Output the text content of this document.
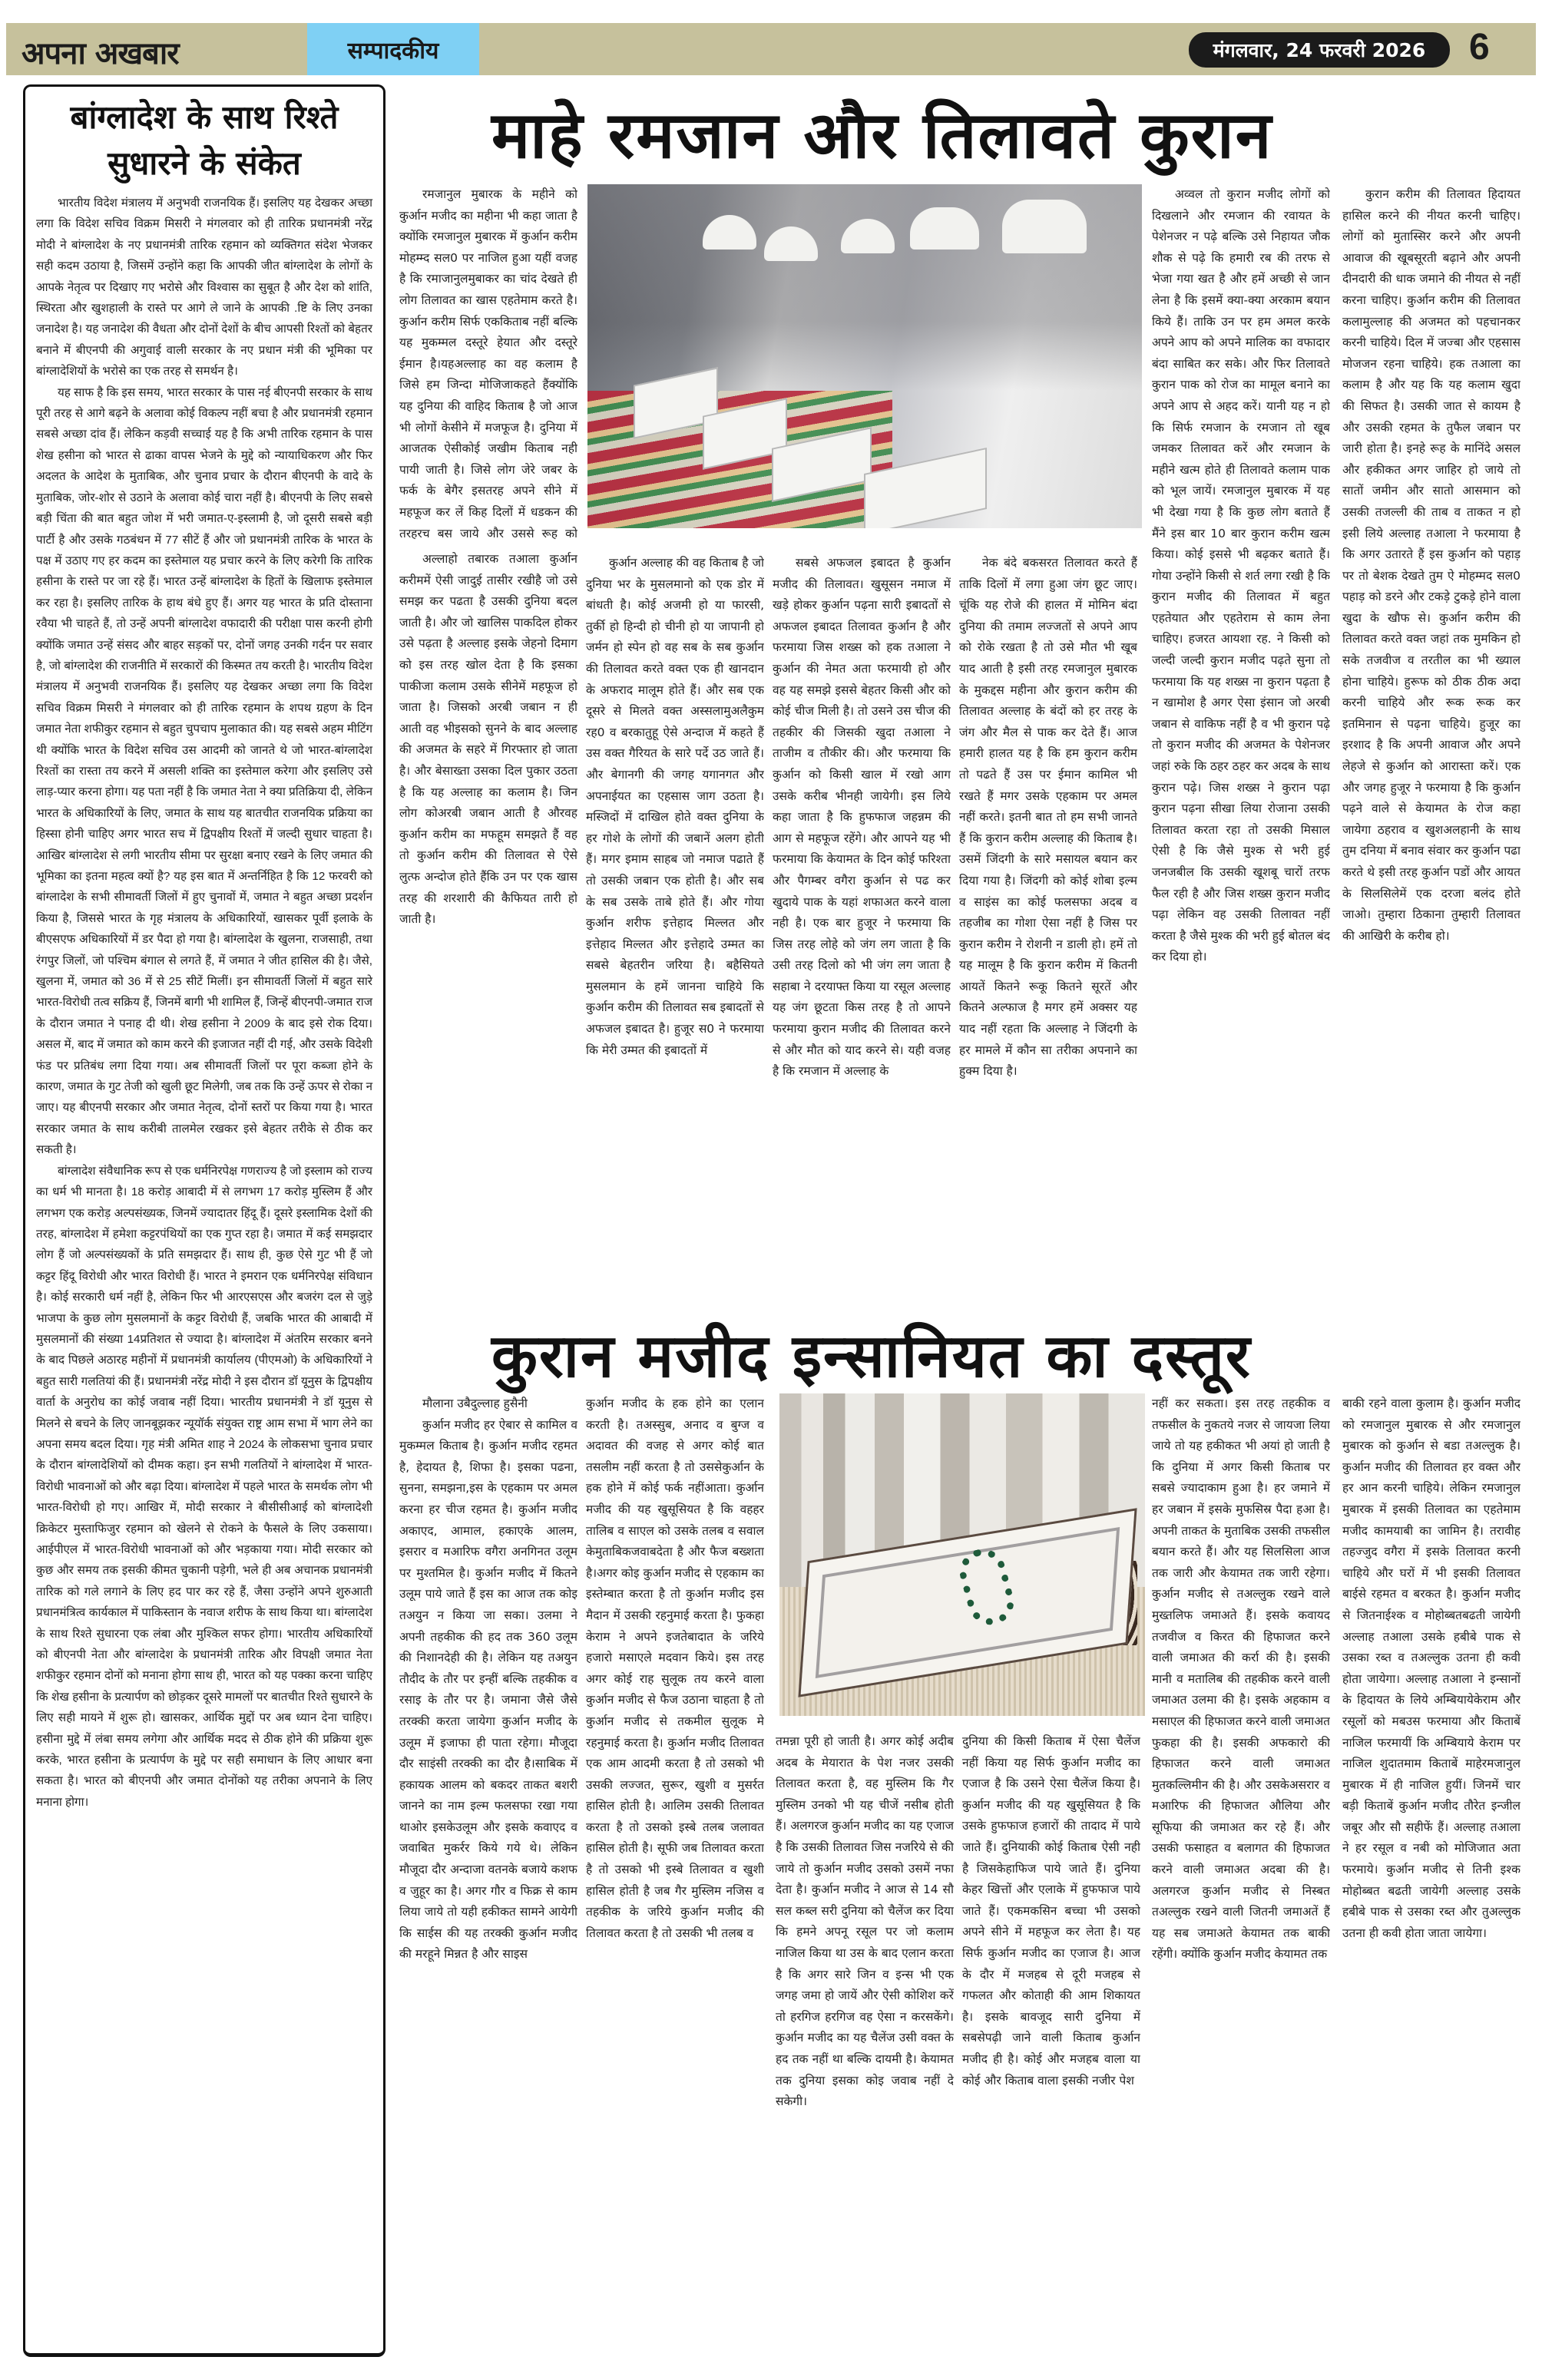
अपना अखबार	सम्पादकीय	मंगलवार, 24 फरवरी 2026	6
बांग्लादेश के साथ रिश्ते सुधारने के संकेत

भारतीय विदेश मंत्रालय में अनुभवी राजनयिक हैं। इसलिए यह देखकर अच्छा लगा कि विदेश सचिव विक्रम मिसरी ने मंगलवार को ही तारिक प्रधानमंत्री नरेंद्र मोदी ने बांग्लादेश के नए प्रधानमंत्री तारिक रहमान को व्यक्तिगत संदेश भेजकर सही कदम उठाया है, जिसमें उन्होंने कहा कि आपकी जीत बांग्लादेश के लोगों के आपके नेतृत्व पर दिखाए गए भरोसे और विश्वास का सुबूत है और देश को शांति, स्थिरता और खुशहाली के रास्ते पर आगे ले जाने के आपकी .ष्टि के लिए उनका जनादेश है। यह जनादेश की वैधता और दोनों देशों के बीच आपसी रिश्तों को बेहतर बनाने में बीएनपी की अगुवाई वाली सरकार के नए प्रधान मंत्री की भूमिका पर बांग्लादेशियों के भरोसे का एक तरह से समर्थन है।

यह साफ है कि इस समय, भारत सरकार के पास नई बीएनपी सरकार के साथ पूरी तरह से आगे बढ़ने के अलावा कोई विकल्प नहीं बचा है और प्रधानमंत्री रहमान सबसे अच्छा दांव हैं। लेकिन कड़वी सच्चाई यह है कि अभी तारिक रहमान के पास शेख हसीना को भारत से ढाका वापस भेजने के मुद्दे को न्यायाधिकरण और फिर अदलत के आदेश के मुताबिक, और चुनाव प्रचार के दौरान बीएनपी के वादे के मुताबिक, जोर-शोर से उठाने के अलावा कोई चारा नहीं है। बीएनपी के लिए सबसे बड़ी चिंता की बात बहुत जोश में भरी जमात-ए-इस्लामी है, जो दूसरी सबसे बड़ी पार्टी है और उसके गठबंधन में 77 सीटें हैं और जो प्रधानमंत्री तारिक के भारत के पक्ष में उठाए गए हर कदम का इस्तेमाल यह प्रचार करने के लिए करेगी कि तारिक हसीना के रास्ते पर जा रहे हैं। भारत उन्हें बांग्लादेश के हितों के खिलाफ इस्तेमाल कर रहा है। इसलिए तारिक के हाथ बंधे हुए हैं। अगर यह भारत के प्रति दोस्ताना रवैया भी चाहते हैं, तो उन्हें अपनी बांग्लादेश वफादारी की परीक्षा पास करनी होगी क्योंकि जमात उन्हें संसद और बाहर सड़कों पर, दोनों जगह उनकी गर्दन पर सवार है, जो बांग्लादेश की राजनीति में सरकारों की किस्मत तय करती है। भारतीय विदेश मंत्रालय में अनुभवी राजनयिक हैं। इसलिए यह देखकर अच्छा लगा कि विदेश सचिव विक्रम मिसरी ने मंगलवार को ही तारिक रहमान के शपथ ग्रहण के दिन जमात नेता शफीकुर रहमान से बहुत चुपचाप मुलाकात की। यह सबसे अहम मीटिंग थी क्योंकि भारत के विदेश सचिव उस आदमी को जानते थे जो भारत-बांग्लादेश रिश्तों का रास्ता तय करने में असली शक्ति का इस्तेमाल करेगा और इसलिए उसे लाड़-प्यार करना होगा। यह पता नहीं है कि जमात नेता ने क्या प्रतिक्रिया दी, लेकिन भारत के अधिकारियों के लिए, जमात के साथ यह बातचीत राजनयिक प्रक्रिया का हिस्सा होनी चाहिए अगर भारत सच में द्विपक्षीय रिश्तों में जल्दी सुधार चाहता है। आखिर बांग्लादेश से लगी भारतीय सीमा पर सुरक्षा बनाए रखने के लिए जमात की भूमिका का इतना महत्व क्यों है? यह इस बात में अन्तर्निहित है कि 12 फरवरी को बांग्लादेश के सभी सीमावर्ती जिलों में हुए चुनावों में, जमात ने बहुत अच्छा प्रदर्शन किया है, जिससे भारत के गृह मंत्रालय के अधिकारियों, खासकर पूर्वी इलाके के बीएसएफ अधिकारियों में डर पैदा हो गया है। बांग्लादेश के खुलना, राजसाही, तथा रंगपुर जिलों, जो पश्चिम बंगाल से लगते हैं, में जमात ने जीत हासिल की है। जैसे, खुलना में, जमात को 36 में से 25 सीटें मिलीं। इन सीमावर्ती जिलों में बहुत सारे भारत-विरोधी तत्व सक्रिय हैं, जिनमें बागी भी शामिल हैं, जिन्हें बीएनपी-जमात राज के दौरान जमात ने पनाह दी थी। शेख हसीना ने 2009 के बाद इसे रोक दिया। असल में, बाद में जमात को काम करने की इजाजत नहीं दी गई, और उसके विदेशी फंड पर प्रतिबंध लगा दिया गया। अब सीमावर्ती जिलों पर पूरा कब्जा होने के कारण, जमात के गुट तेजी को खुली छूट मिलेगी, जब तक कि उन्हें ऊपर से रोका न जाए। यह बीएनपी सरकार और जमात नेतृत्व, दोनों स्तरों पर किया गया है। भारत सरकार जमात के साथ करीबी तालमेल रखकर इसे बेहतर तरीके से ठीक कर सकती है।

बांग्लादेश संवैधानिक रूप से एक धर्मनिरपेक्ष गणराज्य है जो इस्लाम को राज्य का धर्म भी मानता है। 18 करोड़ आबादी में से लगभग 17 करोड़ मुस्लिम हैं और लगभग एक करोड़ अल्पसंख्यक, जिनमें ज्यादातर हिंदू हैं। दूसरे इस्लामिक देशों की तरह, बांग्लादेश में हमेशा कट्टरपंथियों का एक गुप्त रहा है। जमात में कई समझदार लोग हैं जो अल्पसंख्यकों के प्रति समझदार हैं। साथ ही, कुछ ऐसे गुट भी हैं जो कट्टर हिंदू विरोधी और भारत विरोधी हैं। भारत ने इमरान एक धर्मनिरपेक्ष संविधान है। कोई सरकारी धर्म नहीं है, लेकिन फिर भी आरएसएस और बजरंग दल से जुड़े भाजपा के कुछ लोग मुसलमानों के कट्टर विरोधी हैं, जबकि भारत की आबादी में मुसलमानों की संख्या 14प्रतिशत से ज्यादा है। बांग्लादेश में अंतरिम सरकार बनने के बाद पिछले अठारह महीनों में प्रधानमंत्री कार्यालय (पीएमओ) के अधिकारियों ने बहुत सारी गलतियां की हैं। प्रधानमंत्री नरेंद्र मोदी ने इस दौरान डॉ यूनुस के द्विपक्षीय वार्ता के अनुरोध का कोई जवाब नहीं दिया। भारतीय प्रधानमंत्री ने डॉ यूनुस से मिलने से बचने के लिए जानबूझकर न्यूयॉर्क संयुक्त राष्ट्र आम सभा में भाग लेने का अपना समय बदल दिया। गृह मंत्री अमित शाह ने 2024 के लोकसभा चुनाव प्रचार के दौरान बांग्लादेशियों को दीमक कहा। इन सभी गलतियों ने बांग्लादेश में भारत-विरोधी भावनाओं को और बढ़ा दिया। बांग्लादेश में पहले भारत के समर्थक लोग भी भारत-विरोधी हो गए। आखिर में, मोदी सरकार ने बीसीसीआई को बांग्लादेशी क्रिकेटर मुस्ताफिजुर रहमान को खेलने से रोकने के फैसले के लिए उकसाया। आईपीएल में भारत-विरोधी भावनाओं को और भड़काया गया। मोदी सरकार को कुछ और समय तक इसकी कीमत चुकानी पड़ेगी, भले ही अब अचानक प्रधानमंत्री तारिक को गले लगाने के लिए हद पार कर रहे हैं, जैसा उन्होंने अपने शुरुआती प्रधानमंत्रित्व कार्यकाल में पाकिस्तान के नवाज शरीफ के साथ किया था। बांग्लादेश के साथ रिश्ते सुधारना एक लंबा और मुश्किल सफर होगा। भारतीय अधिकारियों को बीएनपी नेता और बांग्लादेश के प्रधानमंत्री तारिक और विपक्षी जमात नेता शफीकुर रहमान दोनों को मनाना होगा साथ ही, भारत को यह पक्का करना चाहिए कि शेख हसीना के प्रत्यार्पण को छोड़कर दूसरे मामलों पर बातचीत रिश्ते सुधारने के लिए सही मायने में शुरू हो। खासकर, आर्थिक मुद्दों पर अब ध्यान देना चाहिए। हसीना मुद्दे में लंबा समय लगेगा और आर्थिक मदद से ठीक होने की प्रक्रिया शुरू करके, भारत हसीना के प्रत्यार्पण के मुद्दे पर सही समाधान के लिए आधार बना सकता है। भारत को बीएनपी और जमात दोनोंको यह तरीका अपनाने के लिए मनाना होगा।

माहे रमजान और तिलावते कुरान

रमजानुल मुबारक के महीने को कुर्आन मजीद का महीना भी कहा जाता है क्योंकि रमजानुल मुबारक में कुर्आन करीम मोहम्म्द सल0 पर नाजिल हुआ यहीं वजह है कि रमाजानुलमुबाकर का चांद देखते ही लोग तिलावत का खास एहतेमाम करते है। कुर्आन करीम सिर्फ एककिताब नहीं बल्कि यह मुकम्मल दस्तूरे हेयात और दस्तूरे ईमान है।यहअल्लाह का वह कलाम है जिसे हम जिन्दा मोजिजाकहते हैंक्योंकि यह दुनिया की वाहिद किताब है जो आज भी लोगों केसीने में मजफूज है। दुनिया में आजतक ऐसीकोई जखीम किताब नही पायी जाती है। जिसे लोग जेरे जबर के फर्क के बेगैर इसतरह अपने सीने में महफूज कर लें किह दिलों में धडकन की तरहरच बस जाये और उससे रूह को

अल्लाहो तबारक तआला कुर्आन करीममें ऐसी जादुई तासीर रखीहै जो उसे समझ कर पढता है उसकी दुनिया बदल जाती है। और जो खालिस पाकदिल होकर उसे पढ़ता है अल्लाह इसके जेहनो दिमाग को इस तरह खोल देता है कि इसका पाकीजा कलाम उसके सीनेमें महफूज हो जाता है। जिसको अरबी जबान न ही आती वह भीइसको सुनने के बाद अल्लाह की अजमत के सहरे में गिरफ्तार हो जाता है। और बेसाख्ता उसका दिल पुकार उठता है कि यह अल्लाह का कलाम है। जिन लोग कोअरबी जबान आती है औरवह कुर्आन करीम का मफहूम समझते हैं वह तो कुर्आन करीम की तिलावत से ऐसे लुत्फ अन्दोज होते हैंकि उन पर एक खास तरह की शरशारी की कैफियत तारी हो जाती है।

कुर्आन अल्लाह की वह किताब है जो दुनिया भर के मुसलमानो को एक डोर में बांधती है। कोई अजमी हो या फारसी, तुर्की हो हिन्दी हो चीनी हो या जापानी हो जर्मन हो स्पेन हो वह सब के सब कुर्आन की तिलावत करते वक्त एक ही खानदान के अफराद मालूम होते हैं। और सब एक दूसरे से मिलते वक्त अस्सलामुअलैकुम रह0 व बरकातुहू ऐसे अन्दाज में कहते हैं उस वक्त गैरियत के सारे पर्दे उठ जाते हैं। और बेगानगी की जगह यगानगत और अपनाईयत का एहसास जाग उठता है। मस्जिदों में दाखिल होते वक्त दुनिया के हर गोशे के लोगों की जबानें अलग होती हैं। मगर इमाम साहब जो नमाज पढाते हैं तो उसकी जबान एक होती है। और सब के सब उसके ताबे होते हैं। और गोया कुर्आन शरीफ इत्तेहाद मिल्लत और इत्तेहाद मिल्लत और इत्तेहादे उम्मत का सबसे बेहतरीन जरिया है। बहैसियते मुसलमान के हमें जानना चाहिये कि कुर्आन करीम की तिलावत सब इबादतों से अफजल इबादत है। हुजूर स0 ने फरमाया कि मेरी उम्मत की इबादतों में

सबसे अफजल इबादत है कुर्आन मजीद की तिलावत। खुसूसन नमाज में खड़े होकर कुर्आन पढ़ना सारी इबादतों से अफजल इबादत तिलावत कुर्आन है और फरमाया जिस शख्स को हक तआला ने कुर्आन की नेमत अता फरमायी हो और वह यह समझे इससे बेहतर किसी और को कोई चीज मिली है। तो उसने उस चीज की तहकीर की जिसकी खुदा तआला ने ताजीम व तौकीर की। और फरमाया कि कुर्आन को किसी खाल में रखो आग उसके करीब भीनही जायेगी। इस लिये कहा जाता है कि हुफफाज जहन्नम की आग से महफूज रहेंगे। और आपने यह भी फरमाया कि केयामत के दिन कोई फरिश्ता और पैगम्बर वगैरा कुर्आन से पढ कर खुदाये पाक के यहां शफाअत करने वाला नही है। एक बार हुजूर ने फरमाया कि जिस तरह लोहे को जंग लग जाता है कि उसी तरह दिलो को भी जंग लग जाता है सहाबा ने दरयाफ्त किया या रसूल अल्लाह यह जंग छूटता किस तरह है तो आपने फरमाया कुरान मजीद की तिलावत करने से और मौत को याद करने से। यही वजह है कि रमजान में अल्लाह के

नेक बंदे बकसरत तिलावत करते हैं ताकि दिलों में लगा हुआ जंग छूट जाए।चूंकि यह रोजे की हालत में मोमिन बंदा दुनिया की तमाम लज्जतों से अपने आप को रोके रखता है तो उसे मौत भी खूब याद आती है इसी तरह रमजानुल मुबारक के मुकद्दस महीना और कुरान करीम की तिलावत अल्लाह के बंदों को हर तरह के जंग और मैल से पाक कर देते हैं। आज हमारी हालत यह है कि हम कुरान करीम तो पढते हैं उस पर ईमान कामिल भी रखते हैं मगर उसके एहकाम पर अमल नहीं करते। इतनी बात तो हम सभी जानते हैं कि कुरान करीम अल्लाह की किताब है। उसमें जिंदगी के सारे मसायल बयान कर दिया गया है। जिंदगी को कोई शोबा इल्म व साइंस का कोई फलसफा अदब व तहजीब का गोशा ऐसा नहीं है जिस पर कुरान करीम ने रोशनी न डाली हो। हमें तो यह मालूम है कि कुरान करीम में कितनी आयतें कितने रूकू कितने सूरतें और कितने अल्फाज है मगर हमें अक्सर यह याद नहीं रहता कि अल्लाह ने जिंदगी के हर मामले में कौन सा तरीका अपनाने का हुक्म दिया है।

अव्वल तो कुरान मजीद लोगों को दिखलाने और रमजान की रवायत के पेशेनजर न पढ़े बल्कि उसे निहायत जौक शौक से पढ़े कि हमारी रब की तरफ से भेजा गया खत है और हमें अच्छी से जान लेना है कि इसमें क्या-क्या अरकाम बयान किये हैं। ताकि उन पर हम अमल करके अपने आप को अपने मालिक का वफादार बंदा साबित कर सके। और फिर तिलावते कुरान पाक को रोज का मामूल बनाने का अपने आप से अहद करें। यानी यह न हो कि सिर्फ रमजान के रमजान तो खूब जमकर तिलावत करें और रमजान के महीने खत्म होते ही तिलावते कलाम पाक को भूल जायें। रमजानुल मुबारक में यह भी देखा गया है कि कुछ लोग बताते हैं मैंने इस बार 10 बार कुरान करीम खत्म किया। कोई इससे भी बढ़कर बताते हैं। गोया उन्होंने किसी से शर्त लगा रखी है कि कुरान मजीद की तिलावत में बहुत एहतेयात और एहतेराम से काम लेना चाहिए। हजरत आयशा रह. ने किसी को जल्दी जल्दी कुरान मजीद पढ़ते सुना तो फरमाया कि यह शख्स ना कुरान पढ़ता है न खामोश है अगर ऐसा इंसान जो अरबी जबान से वाकिफ नहीं है व भी कुरान पढ़े तो कुरान मजीद की अजमत के पेशेनजर जहां रुके कि ठहर ठहर कर अदब के साथ कुरान पढ़े। जिस शख्स ने कुरान पढ़ा कुरान पढ़ना सीखा लिया रोजाना उसकी तिलावत करता रहा तो उसकी मिसाल ऐसी है कि जैसे मुश्क से भरी हुई जनजबील कि उसकी खूशबू चारों तरफ फैल रही है और जिस शख्स कुरान मजीद पढ़ा लेकिन वह उसकी तिलावत नहीं करता है जैसे मुश्क की भरी हुई बोतल बंद कर दिया हो।

कुरान करीम की तिलावत हिदायत हासिल करने की नीयत करनी चाहिए। लोगों को मुतास्सिर करने और अपनी आवाज की खूबसूरती बढ़ाने और अपनी दीनदारी की धाक जमाने की नीयत से नहीं करना चाहिए। कुर्आन करीम की तिलावत कलामुल्लाह की अजमत को पहचानकर करनी चाहिये। दिल में जज्बा और एहसास मोजजन रहना चाहिये। हक तआला का कलाम है और यह कि यह कलाम खुदा की सिफत है। उसकी जात से कायम है और उसकी रहमत के तुफैल जबान पर जारी होता है। इनहे रूह के मानिंदे असल और हकीकत अगर जाहिर हो जाये तो सातों जमीन और सातो आसमान को उसकी तजल्ली की ताब व ताकत न हो इसी लिये अल्लाह तआला ने फरमाया है कि अगर उतारते हैं इस कुर्आन को पहाड़ पर तो बेशक देखते तुम ऐ मोहम्मद सल0 पहाड़ को डरने और टकड़े टुकड़े होने वाला खुदा के खौफ से। कुर्आन करीम की तिलावत करते वक्त जहां तक मुमकिन हो सके तजवीज व तरतील का भी ख्याल होना चाहिये। हुरूफ को ठीक ठीक अदा करनी चाहिये और रूक रूक कर इतमिनान से पढ़ना चाहिये। हुजूर का इरशाद है कि अपनी आवाज और अपने लेहजे से कुर्आन को आरास्ता करें। एक और जगह हुजूर ने फरमाया है कि कुर्आन पढ़ने वाले से केयामत के रोज कहा जायेगा ठहराव व खुशअलहानी के साथ तुम दनिया में बनाव संवार कर कुर्आन पढा करते थे इसी तरह कुर्आन पडों और आयत के सिलसिलेमें एक दरजा बलंद होते जाओ। तुम्हारा ठिकाना तुम्हारी तिलावत की आखिरी के करीब हो।

कुरान मजीद इन्सानियत का दस्तूर

मौलाना उबैदुल्लाह हुसैनी

कुर्आन मजीद हर ऐबार से कामिल व मुकम्मल किताब है। कुर्आन मजीद रहमत है, हेदायत है, शिफा है। इसका पढना, सुनना, समझना,इस के एहकाम पर अमल करना हर चीज रहमत है। कुर्आन मजीद अकाएद, आमाल, हकाएके आलम, इसरार व मआरिफ वगैरा अनगिनत उलूम पर मुश्तमिल है। कुर्आन मजीद में कितने उलूम पाये जाते हैं इस का आज तक कोइ तअयुन न किया जा सका। उलमा ने अपनी तहकीक की हद तक 360 उलूम की निशानदेही की है। लेकिन यह तअयुन तौदीद के तौर पर इन्हीं बल्कि तहकीक व रसाइ के तौर पर है। जमाना जैसे जैसे तरक्की करता जायेगा कुर्आन मजीद के उलूम में इजाफा ही पाता रहेगा। मौजूदा दौर साइंसी तरक्की का दौर है।साबिक में हकायक आलम को बकदर ताकत बशरी जानने का नाम इल्म फलसफा रखा गया थाओर इसकेउलूम और इसके कवाएद व जवाबित मुकर्रर किये गये थे। लेकिन मौजूदा दौर अन्दाजा वतनके बजाये कशफ व जुहूर का है। अगर गौर व फिक्र से काम लिया जाये तो यही हकीकत सामने आयेगी कि साईस की यह तरक्की कुर्आन मजीद की मरहूने मिन्नत है और साइस

कुर्आन मजीद के हक होने का एलान करती है। तअस्सुब, अनाद व बुग्ज व अदावत की वजह से अगर कोई बात तसलीम नहीं करता है तो उससेकुर्आन के हक होने में कोई फर्क नहींआता। कुर्आन मजीद की यह खुसूसियत है कि वहहर तालिब व साएल को उसके तलब व सवाल केमुताबिकजवाबदेता है और फैज बख्शता है।अगर कोइ कुर्आन मजीद से एहकाम का इस्तेम्बात करता है तो कुर्आन मजीद इस मैदान में उसकी रहनुमाई करता है। फुकहा केराम ने अपने इजतेबादात के जरिये हजारो मसाएले मदवान किये। इस तरह अगर कोई राह सुलूक तय करने वाला कुर्आन मजीद से फैज उठाना चाहता है तो कुर्आन मजीद से तकमील सुलूक मे रहनुमाई करता है। कुर्आन मजीद तिलावत एक आम आदमी करता है तो उसको भी उसकी लज्जत, सुरूर, खुशी व मुसर्रत हासिल होती है। आलिम उसकी तिलावत करता है तो उसको इस्बे तलब जलावत हासिल होती है। सूफी जब तिलावत करता है तो उसको भी इस्बे तिलावत व खुशी हासिल होती है जब गैर मुस्लिम नजिस व तहकीक के जरिये कुर्आन मजीद की तिलावत करता है तो उसकी भी तलब व

तमन्ना पूरी हो जाती है। अगर कोई अदीब अदब के मेयारात के पेश नजर उसकी तिलावत करता है, वह मुस्लिम कि गैर मुस्लिम उनको भी यह चीजें नसीब होती हैं। अलगरज कुर्आन मजीद का यह एजाज है कि उसकी तिलावत जिस नजरिये से की जाये तो कुर्आन मजीद उसको उसमें नफा देता है। कुर्आन मजीद ने आज से 14 सौ सल कब्ल सरी दुनिया को चैलेंज कर दिया कि हमने अपनू रसूल पर जो कलाम नाजिल किया था उस के बाद एलान करता है कि अगर सारे जिन व इन्स भी एक जगह जमा हो जायें और ऐसी कोशिश करें तो हरगिज हरगिज वह ऐसा न करसकेंगे। कुर्आन मजीद का यह चैलेंज उसी वक्त के हद तक नहीं था बल्कि दायमी है। केयामत तक दुनिया इसका कोइ जवाब नहीं दे सकेगी।

दुनिया की किसी किताब में ऐसा चैलेंज नहीं किया यह सिर्फ कुर्आन मजीद का एजाज है कि उसने ऐसा चैलेंज किया है। कुर्आन मजीद की यह खुसूसियत है कि उसके हुफफाज हजारों की तादाद में पाये जाते हैं। दुनियाकी कोई किताब ऐसी नही है जिसकेहाफिज पाये जाते हैं। दुनिया केहर खित्तों और एलाके में हुफफाज पाये जाते हैं। एकमकसिन बच्चा भी उसको अपने सीने में महफूज कर लेता है। यह सिर्फ कुर्आन मजीद का एजाज है। आज के दौर में मजहब से दूरी मजहब से गफलत और कोताही की आम शिकायत है। इसके बावजूद सारी दुनिया में सबसेपढ़ी जाने वाली किताब कुर्आन मजीद ही है। कोई और मजहब वाला या कोई और किताब वाला इसकी नजीर पेश

नहीं कर सकता। इस तरह तहकीक व तफसील के नुकतये नजर से जायजा लिया जाये तो यह हकीकत भी अयां हो जाती है कि दुनिया में अगर किसी किताब पर सबसे ज्यादाकाम हुआ है। हर जमाने में हर जबान में इसके मुफसिस्र पैदा हआ है। अपनी ताकत के मुताबिक उसकी तफसील बयान करते हैं। और यह सिलसिला आज तक जारी और केयामत तक जारी रहेगा। कुर्आन मजीद से तअल्लुक रखने वाले मुख्तलिफ जमाअते हैं। इसके कवायद तजवीज व किरत की हिफाजत करने वाली जमाअत की कर्रा की है। इसकी मानी व मतालिब की तहकीक करने वाली जमाअत उलमा की है। इसके अहकाम व मसाएल की हिफाजत करने वाली जमाअत फुकहा की है। इसकी अफकारो की हिफाजत करने वाली जमाअत मुतकल्लिमीन की है। और उसकेअसरार व मआरिफ की हिफाजत औलिया और सूफिया की जमाअत कर रहे हैं। और उसकी फसाहत व बलागत की हिफाजत करने वाली जमाअत अदबा की है।अलगरज कुर्आन मजीद से निस्बत तअल्लुक रखने वाली जितनी जमाअतें हैं यह सब जमाअते केयामत तक बाकी रहेंगी। क्योंकि कुर्आन मजीद केयामत तक

बाकी रहने वाला कुलाम है। कुर्आन मजीद को रमजानुल मुबारक से और रमजानुल मुबारक को कुर्आन से बडा तअल्लुक है। कुर्आन मजीद की तिलावत हर वक्त और हर आन करनी चाहिये। लेकिन रमजानुल मुबारक में इसकी तिलावत का एहतेमाम मजीद कामयाबी का जामिन है। तरावीह तहज्जुद वगैरा में इसके तिलावत करनी चाहिये और घरों में भी इसकी तिलावत बाईसे रहमत व बरकत है। कुर्आन मजीद से जितनाईश्क व मोहोब्बतबढती जायेगी अल्लाह तआला उसके हबीबे पाक से उसका रब्त व तअल्लुक उतना ही कवी होता जायेगा। अल्लाह तआला ने इन्सानों के हिदायत के लिये अम्बियायेकेराम और रसूलों को मबउस फरमाया और किताबें नाजिल फरमायीं कि अम्बियाये केराम पर नाजिल शुदातमाम किताबें माहेरमजानुल मुबारक में ही नाजिल हुयीं। जिनमें चार बड़ी किताबें कुर्आन मजीद तौरेत इन्जील जबूर और सौ सहीफें हैं। अल्लाह तआला ने हर रसूल व नबी को मोजिजात अता फरमाये। कुर्आन मजीद से तिनी इश्क मोहोब्बत बढती जायेगी अल्लाह उसके हबीबे पाक से उसका रब्त और तुअल्लुक उतना ही कवी होता जाता जायेगा।
